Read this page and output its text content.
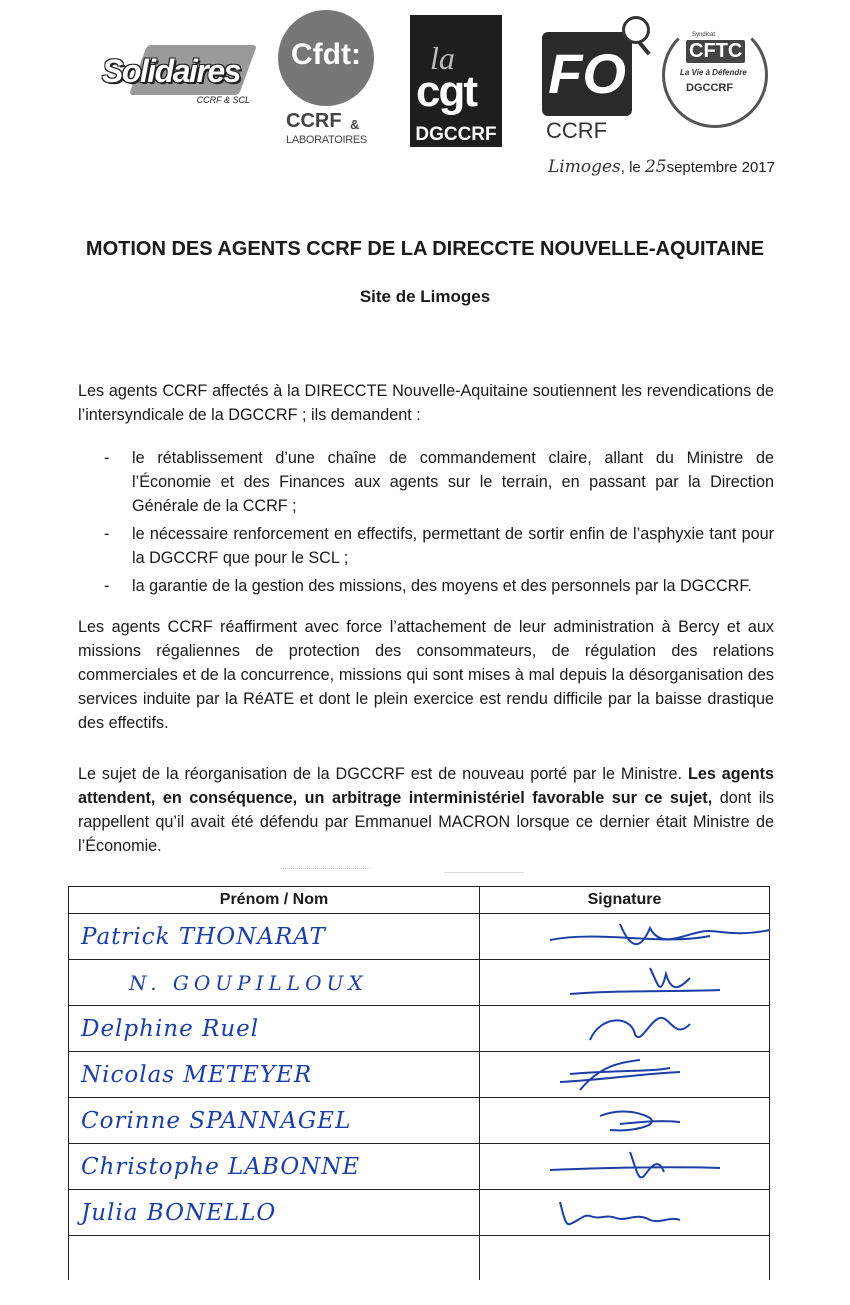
Solidaires
CCRF & SCL
Cfdt:
CCRF &
LABORATOIRES
la
cgt
DGCCRF
FO
CCRF
Syndicat
CFTC
La Vie à Défendre
DGCCRF
Limoges, le 25septembre 2017
MOTION DES AGENTS CCRF DE LA DIRECCTE NOUVELLE-AQUITAINE
Site de Limoges
Les agents CCRF affectés à la DIRECCTE Nouvelle-Aquitaine soutiennent les revendications de l’intersyndicale de la DGCCRF ; ils demandent :
- le rétablissement d’une chaîne de commandement claire, allant du Ministre de l’Économie et des Finances aux agents sur le terrain, en passant par la Direction Générale de la CCRF ;
- le nécessaire renforcement en effectifs, permettant de sortir enfin de l’asphyxie tant pour la DGCCRF que pour le SCL ;
- la garantie de la gestion des missions, des moyens et des personnels par la DGCCRF.
Les agents CCRF réaffirment avec force l’attachement de leur administration à Bercy et aux missions régaliennes de protection des consommateurs, de régulation des relations commerciales et de la concurrence, missions qui sont mises à mal depuis la désorganisation des services induite par la RéATE et dont le plein exercice est rendu difficile par la baisse drastique des effectifs.
Le sujet de la réorganisation de la DGCCRF est de nouveau porté par le Ministre. Les agents attendent, en conséquence, un arbitrage interministériel favorable sur ce sujet, dont ils rappellent qu’il avait été défendu par Emmanuel MACRON lorsque ce dernier était Ministre de l’Économie.
Prénom / Nom	Signature
Patrick THONARAT	

N. GOUPILLOUX	

Delphine Ruel	

Nicolas METEYER	

Corinne SPANNAGEL	

Christophe LABONNE	

Julia BONELLO	
